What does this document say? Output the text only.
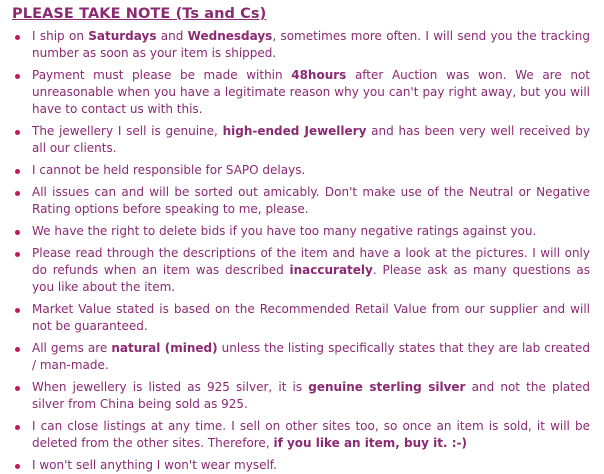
PLEASE TAKE NOTE (Ts and Cs)
I ship on Saturdays and Wednesdays, sometimes more often. I will send you the tracking number as soon as your item is shipped.
Payment must please be made within 48hours after Auction was won. We are not unreasonable when you have a legitimate reason why you can't pay right away, but you will have to contact us with this.
The jewellery I sell is genuine, high-ended Jewellery and has been very well received by all our clients.
I cannot be held responsible for SAPO delays.
All issues can and will be sorted out amicably. Don't make use of the Neutral or Negative Rating options before speaking to me, please.
We have the right to delete bids if you have too many negative ratings against you.
Please read through the descriptions of the item and have a look at the pictures. I will only do refunds when an item was described inaccurately. Please ask as many questions as you like about the item.
Market Value stated is based on the Recommended Retail Value from our supplier and will not be guaranteed.
All gems are natural (mined) unless the listing specifically states that they are lab created / man-made.
When jewellery is listed as 925 silver, it is genuine sterling silver and not the plated silver from China being sold as 925.
I can close listings at any time. I sell on other sites too, so once an item is sold, it will be deleted from the other sites. Therefore, if you like an item, buy it. :-)
I won't sell anything I won't wear myself.
